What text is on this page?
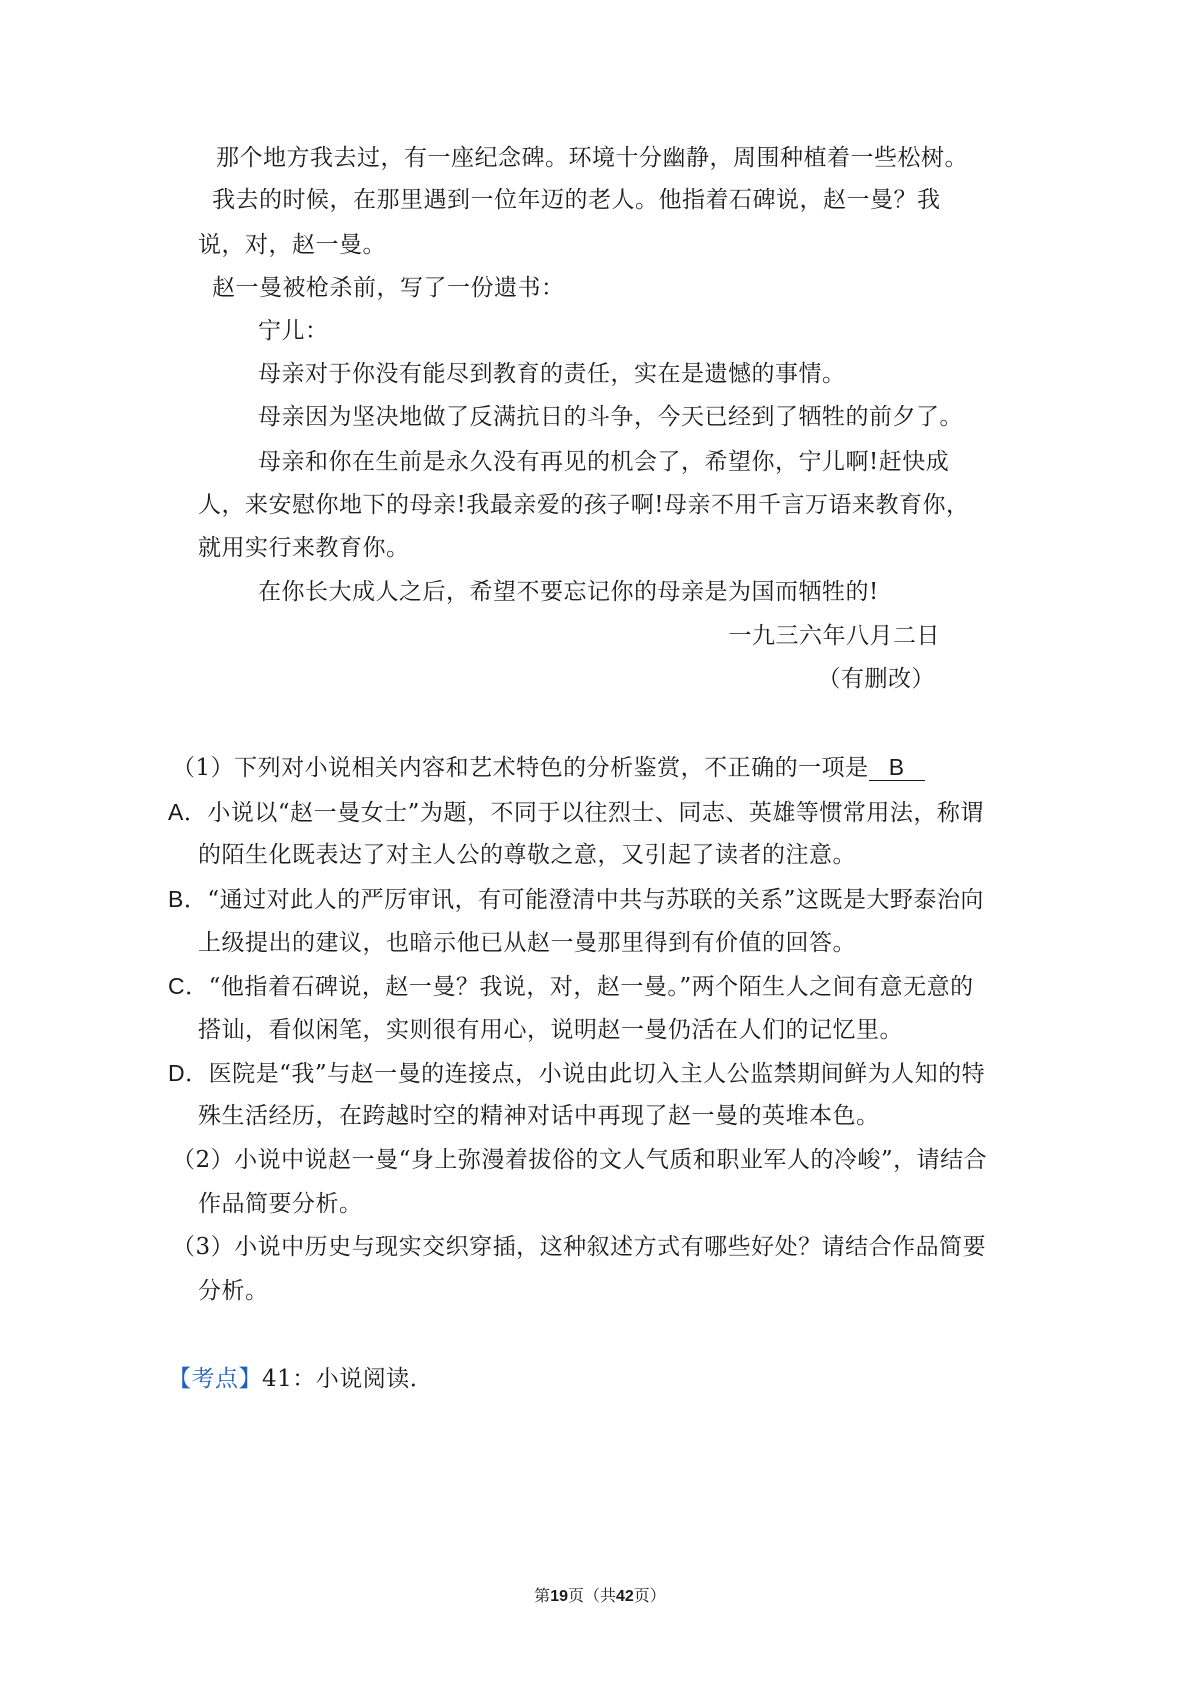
那个地方我去过，有一座纪念碑。环境十分幽静，周围种植着一些松树。
我去的时候，在那里遇到一位年迈的老人。他指着石碑说，赵一曼？我
说，对，赵一曼。
赵一曼被枪杀前，写了一份遗书：
宁儿：
母亲对于你没有能尽到教育的责任，实在是遗憾的事情。
母亲因为坚决地做了反满抗日的斗争，今天已经到了牺牲的前夕了。
母亲和你在生前是永久没有再见的机会了，希望你，宁儿啊!赶快成
人，来安慰你地下的母亲!我最亲爱的孩子啊!母亲不用千言万语来教育你，
就用实行来教育你。
在你长大成人之后，希望不要忘记你的母亲是为国而牺牲的!
一九三六年八月二日
（有删改）
（1）下列对小说相关内容和艺术特色的分析鉴赏，不正确的一项是 B
A．小说以“赵一曼女士”为题，不同于以往烈士、同志、英雄等惯常用法，称谓
的陌生化既表达了对主人公的尊敬之意，又引起了读者的注意。
B．“通过对此人的严厉审讯，有可能澄清中共与苏联的关系”这既是大野泰治向
上级提出的建议，也暗示他已从赵一曼那里得到有价值的回答。
C．“他指着石碑说，赵一曼？我说，对，赵一曼。”两个陌生人之间有意无意的
搭讪，看似闲笔，实则很有用心，说明赵一曼仍活在人们的记忆里。
D．医院是“我”与赵一曼的连接点，小说由此切入主人公监禁期间鲜为人知的特
殊生活经历，在跨越时空的精神对话中再现了赵一曼的英堆本色。
（2）小说中说赵一曼“身上弥漫着拔俗的文人气质和职业军人的冷峻”，请结合
作品简要分析。
（3）小说中历史与现实交织穿插，这种叙述方式有哪些好处？请结合作品简要
分析。
【考点】41：小说阅读．
第19页（共42页）
